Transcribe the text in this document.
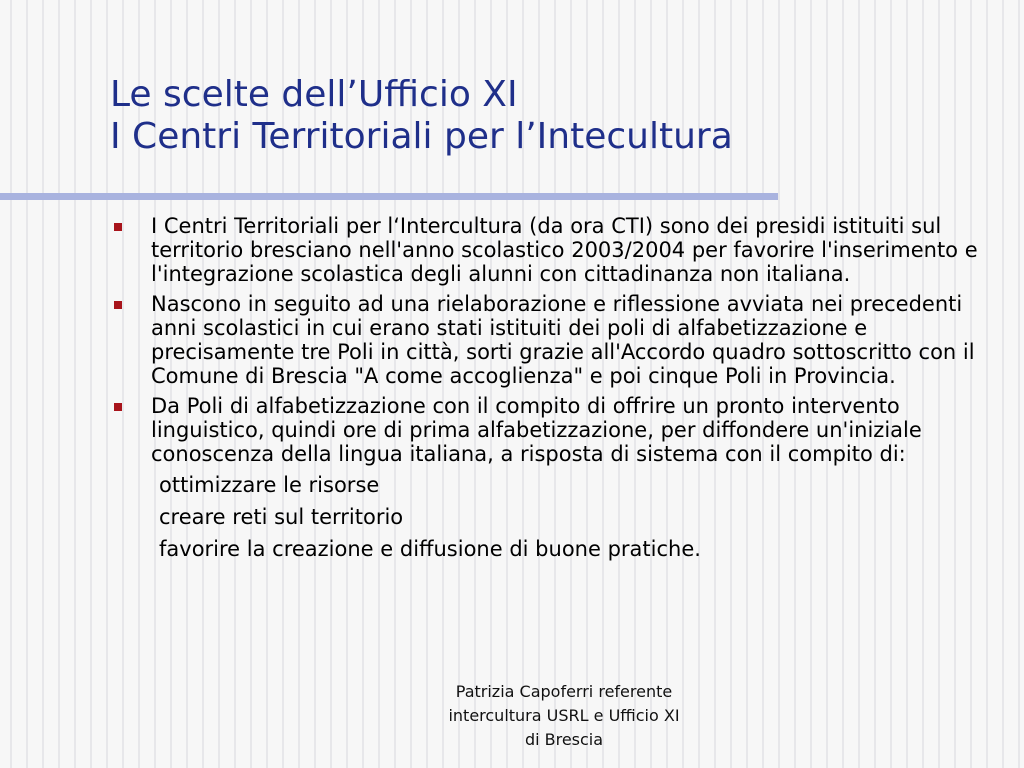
Le scelte dell’Ufficio XI
I Centri Territoriali per l’Intecultura
I Centri Territoriali per l‘Intercultura (da ora CTI) sono dei presidi istituiti sul territorio bresciano nell'anno scolastico 2003/2004 per favorire l'inserimento e l'integrazione scolastica degli alunni con cittadinanza non italiana.
Nascono in seguito ad una rielaborazione e riflessione avviata nei precedenti anni scolastici in cui erano stati istituiti dei poli di alfabetizzazione e precisamente tre Poli in città, sorti grazie all'Accordo quadro sottoscritto con il Comune di Brescia "A come accoglienza" e poi cinque Poli in Provincia.
Da Poli di alfabetizzazione con il compito di offrire un pronto intervento linguistico, quindi ore di prima alfabetizzazione, per diffondere un'iniziale conoscenza della lingua italiana, a risposta di sistema con il compito di:
ottimizzare le risorse
creare reti sul territorio
favorire la creazione e diffusione di buone pratiche.
Patrizia Capoferri referente
intercultura USRL e Ufficio XI
di Brescia
